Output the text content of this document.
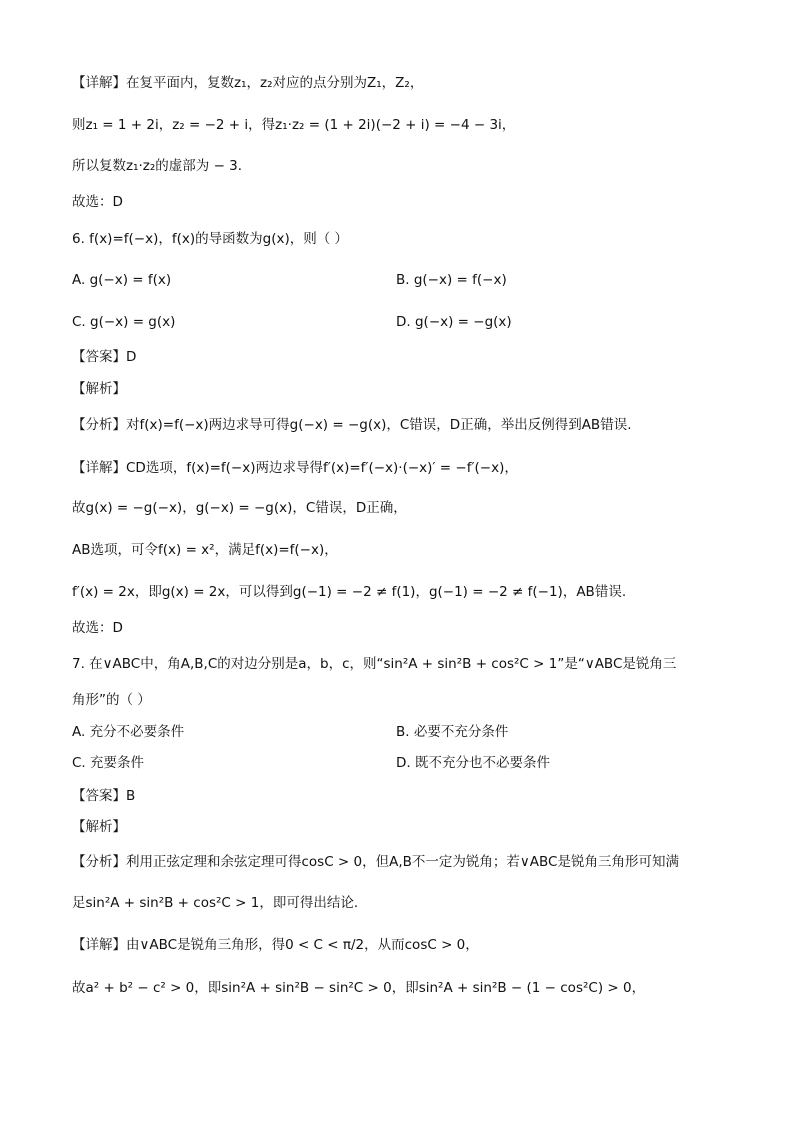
【详解】在复平面内，复数z₁，z₂对应的点分别为Z₁，Z₂，
则z₁ = 1 + 2i，z₂ = −2 + i，得z₁·z₂ = (1 + 2i)(−2 + i) = −4 − 3i，
所以复数z₁·z₂的虚部为 − 3．
故选：D
6. f(x)=f(−x)，f(x)的导函数为g(x)，则（ ）
A. g(−x) = f(x)	B. g(−x) = f(−x)
C. g(−x) = g(x)	D. g(−x) = −g(x)
【答案】D
【解析】
【分析】对f(x)=f(−x)两边求导可得g(−x) = −g(x)，C错误，D正确，举出反例得到AB错误.
【详解】CD选项，f(x)=f(−x)两边求导得f′(x)=f′(−x)·(−x)′ = −f′(−x)，
故g(x) = −g(−x)，g(−x) = −g(x)，C错误，D正确，
AB选项，可令f(x) = x²，满足f(x)=f(−x)，
f′(x) = 2x，即g(x) = 2x，可以得到g(−1) = −2 ≠ f(1)，g(−1) = −2 ≠ f(−1)，AB错误.
故选：D
7. 在∨ABC中，角A,B,C的对边分别是a，b，c，则“sin²A + sin²B + cos²C > 1”是“∨ABC是锐角三
角形”的（ ）
A. 充分不必要条件	B. 必要不充分条件
C. 充要条件	D. 既不充分也不必要条件
【答案】B
【解析】
【分析】利用正弦定理和余弦定理可得cosC > 0，但A,B不一定为锐角；若∨ABC是锐角三角形可知满
足sin²A + sin²B + cos²C > 1，即可得出结论.
【详解】由∨ABC是锐角三角形，得0 < C < π/2，从而cosC > 0，
故a² + b² − c² > 0，即sin²A + sin²B − sin²C > 0，即sin²A + sin²B − (1 − cos²C) > 0，
